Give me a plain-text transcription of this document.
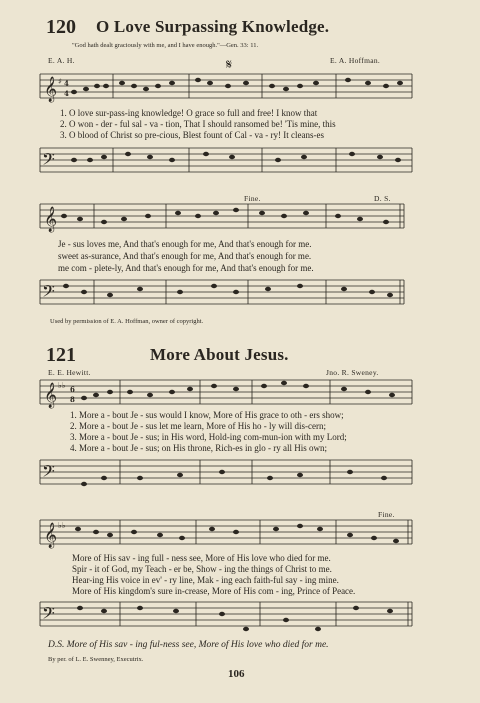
120 O Love Surpassing Knowledge.
"God hath dealt graciously with me, and I have enough."—Gen. 33: 11.
E. A. H.	E. A. Hoffman.
𝄋
𝄞 ♯ 4
4
1. O love sur-pass-ing knowledge! O grace so full and free! I know that
2. O won - der - ful sal - va - tion, That I should ransomed be! 'Tis mine, this
3. O blood of Christ so pre-cious, Blest fount of Cal - va - ry! It cleans-es
𝄢
Fine.	D. S.
𝄞
Je - sus loves me, And that's enough for me, And that's enough for me.
sweet as-surance, And that's enough for me, And that's enough for me.
me com - plete-ly, And that's enough for me, And that's enough for me.
𝄢
Used by permission of E. A. Hoffman, owner of copyright.
121	More About Jesus.
E. E. Hewitt.	Jno. R. Sweney.
𝄞 ♭♭ 6
8
1. More a - bout Je - sus would I know, More of His grace to oth - ers show;
2. More a - bout Je - sus let me learn, More of His ho - ly will dis-cern;
3. More a - bout Je - sus; in His word, Hold-ing com-mun-ion with my Lord;
4. More a - bout Je - sus; on His throne, Rich-es in glo - ry all His own;
𝄢
Fine.
𝄞 ♭♭
More of His sav - ing full - ness see, More of His love who died for me.
Spir - it of God, my Teach - er be, Show - ing the things of Christ to me.
Hear-ing His voice in ev' - ry line, Mak - ing each faith-ful say - ing mine.
More of His kingdom's sure in-crease, More of His com - ing, Prince of Peace.
𝄢
D.S. More of His sav - ing ful-ness see, More of His love who died for me.
By per. of L. E. Swenney, Executrix.
106
